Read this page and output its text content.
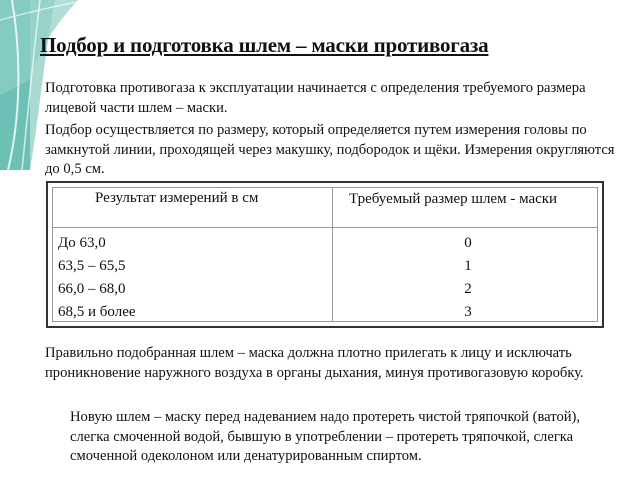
Подбор и подготовка шлем – маски противогаза

Подготовка противогаза к эксплуатации начинается с определения требуемого размера лицевой части шлем – маски.

Подбор осуществляется по размеру, который определяется путем измерения головы по замкнутой линии, проходящей через макушку, подбородок и щёки. Измерения округляются до 0,5 см.

Результат измерений в см	Требуемый размер шлем - маски

До 63,0
63,5 – 65,5
66,0 – 68,0
68,5 и более
0
1
2
3

Правильно подобранная шлем – маска должна плотно прилегать к лицу и исключать проникновение наружного воздуха в органы дыхания, минуя противогазовую коробку.

Новую шлем – маску перед надеванием надо протереть чистой тряпочкой (ватой), слегка смоченной водой, бывшую в употреблении – протереть тряпочкой, слегка смоченной одеколоном или денатурированным спиртом.
